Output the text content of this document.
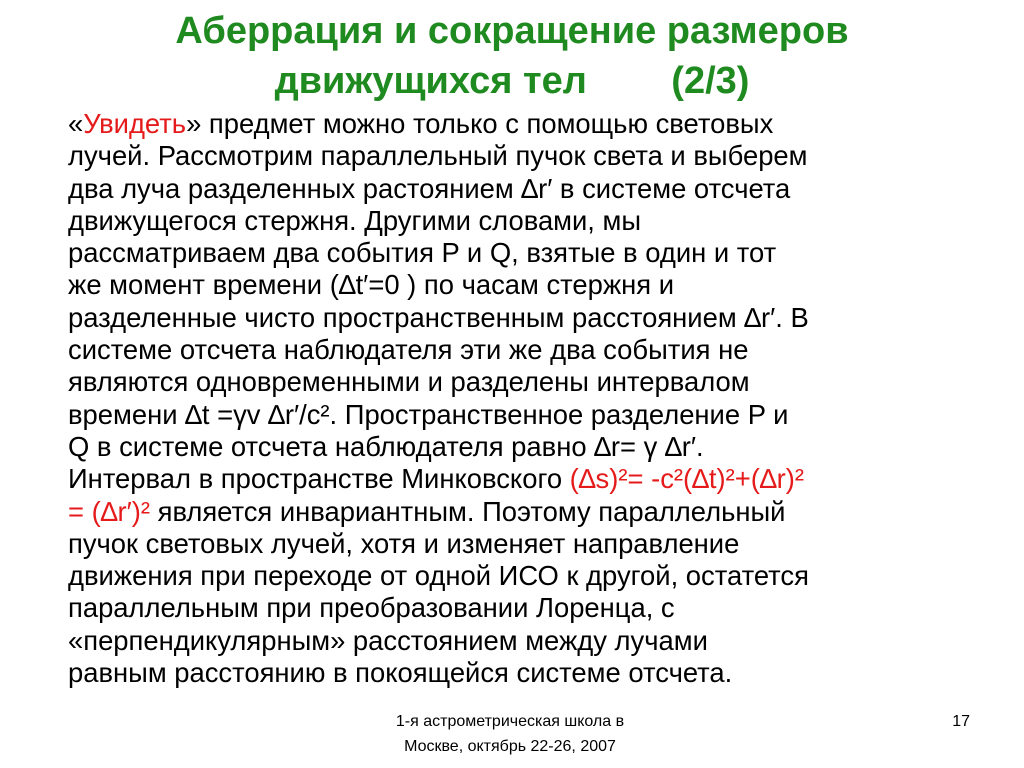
Аберрация и сокращение размеров
движущихся тел        (2/3)
«Увидеть» предмет можно только с помощью световых
лучей. Рассмотрим параллельный пучок света и выберем
два луча разделенных растоянием ∆r′ в системе отсчета
движущегося стержня. Другими словами, мы
рассматриваем два события P и Q, взятые в один и тот
же момент времени (∆t′=0 ) по часам стержня и
разделенные чисто пространственным расстоянием ∆r′. В
системе отсчета наблюдателя эти же два события не
являются одновременными и разделены интервалом
времени ∆t =γv ∆r′/c². Пространственное разделение P и
Q в системе отсчета наблюдателя равно ∆r= γ ∆r′.
Интервал в пространстве Минковского (∆s)²= -c²(∆t)²+(∆r)²
= (∆r′)² является инвариантным. Поэтому параллельный
пучок световых лучей, хотя и изменяет направление
движения при переходе от одной ИСО к другой, остатется
параллельным при преобразовании Лоренца, с
«перпендикулярным» расстоянием между лучами
равным расстоянию в покоящейся системе отсчета.
1-я астрометрическая школа в
Москве, октябрь 22-26, 2007
17
